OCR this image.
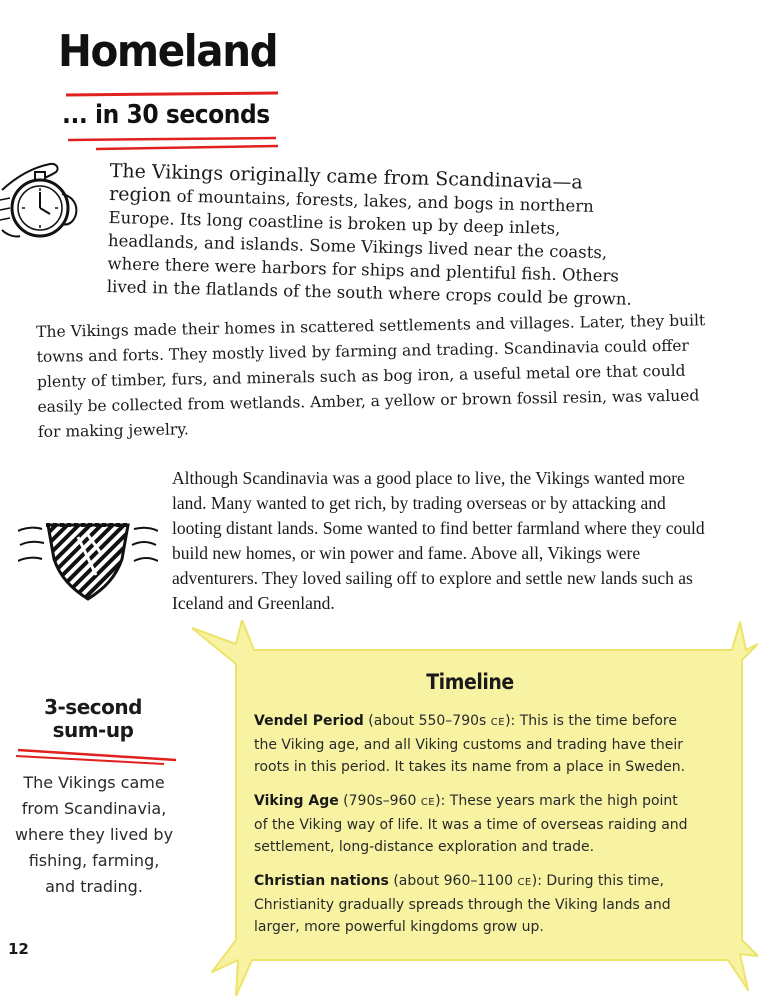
Homeland
... in 30 seconds
The Vikings originally came from Scandinavia—a region of mountains, forests, lakes, and bogs in northern Europe. Its long coastline is broken up by deep inlets, headlands, and islands. Some Vikings lived near the coasts, where there were harbors for ships and plentiful fish. Others lived in the flatlands of the south where crops could be grown.
The Vikings made their homes in scattered settlements and villages. Later, they built towns and forts. They mostly lived by farming and trading. Scandinavia could offer plenty of timber, furs, and minerals such as bog iron, a useful metal ore that could easily be collected from wetlands. Amber, a yellow or brown fossil resin, was valued for making jewelry.
Although Scandinavia was a good place to live, the Vikings wanted more land. Many wanted to get rich, by trading overseas or by attacking and looting distant lands. Some wanted to find better farmland where they could build new homes, or win power and fame. Above all, Vikings were adventurers. They loved sailing off to explore and settle new lands such as Iceland and Greenland.
Timeline
Vendel Period (about 550–790s CE): This is the time before the Viking age, and all Viking customs and trading have their roots in this period. It takes its name from a place in Sweden.
Viking Age (790s–960 CE): These years mark the high point of the Viking way of life. It was a time of overseas raiding and settlement, long-distance exploration and trade.
Christian nations (about 960–1100 CE): During this time, Christianity gradually spreads through the Viking lands and larger, more powerful kingdoms grow up.
3-second
sum-up
The Vikings came from Scandinavia, where they lived by fishing, farming, and trading.
12
